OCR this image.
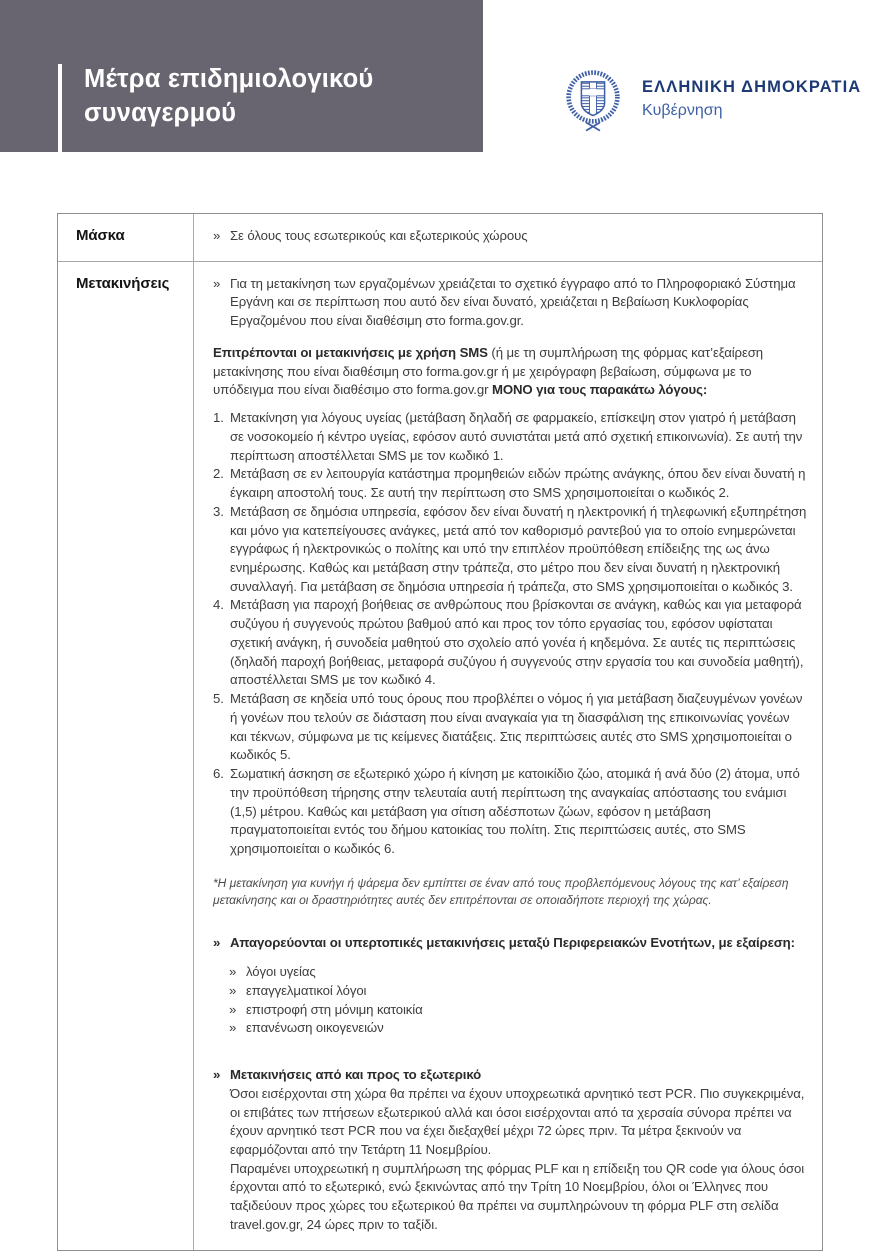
Μέτρα επιδημιολογικού
συναγερμού
ΕΛΛΗΝΙΚΗ ΔΗΜΟΚΡΑΤΙΑ
Κυβέρνηση
Μάσκα	» Σε όλους τους εσωτερικούς και εξωτερικούς χώρους
Μετακινήσεις	» Για τη μετακίνηση των εργαζομένων χρειάζεται το σχετικό έγγραφο από το Πληροφοριακό Σύστημα Εργάνη και σε περίπτωση που αυτό δεν είναι δυνατό, χρειάζεται η Βεβαίωση Κυκλοφορίας Εργαζομένου που είναι διαθέσιμη στο forma.gov.gr.
Επιτρέπονται οι μετακινήσεις με χρήση SMS (ή με τη συμπλήρωση της φόρμας κατ’εξαίρεση μετακίνησης που είναι διαθέσιμη στο forma.gov.gr ή με χειρόγραφη βεβαίωση, σύμφωνα με το υπόδειγμα που είναι διαθέσιμο στο forma.gov.gr ΜΟΝΟ για τους παρακάτω λόγους:
1. Μετακίνηση για λόγους υγείας (μετάβαση δηλαδή σε φαρμακείο, επίσκεψη στον γιατρό ή μετάβαση σε νοσοκομείο ή κέντρο υγείας, εφόσον αυτό συνιστάται μετά από σχετική επικοινωνία). Σε αυτή την περίπτωση αποστέλλεται SMS με τον κωδικό 1.
2. Μετάβαση σε εν λειτουργία κατάστημα προμηθειών ειδών πρώτης ανάγκης, όπου δεν είναι δυνατή η έγκαιρη αποστολή τους. Σε αυτή την περίπτωση στο SMS χρησιμοποιείται ο κωδικός 2.
3. Μετάβαση σε δημόσια υπηρεσία, εφόσον δεν είναι δυνατή η ηλεκτρονική ή τηλεφωνική εξυπηρέτηση και μόνο για κατεπείγουσες ανάγκες, μετά από τον καθορισμό ραντεβού για το οποίο ενημερώνεται εγγράφως ή ηλεκτρονικώς ο πολίτης και υπό την επιπλέον προϋπόθεση επίδειξης της ως άνω ενημέρωσης. Καθώς και μετάβαση στην τράπεζα, στο μέτρο που δεν είναι δυνατή η ηλεκτρονική συναλλαγή. Για μετάβαση σε δημόσια υπηρεσία ή τράπεζα, στο SMS χρησιμοποιείται ο κωδικός 3.
4. Μετάβαση για παροχή βοήθειας σε ανθρώπους που βρίσκονται σε ανάγκη, καθώς και για μεταφορά συζύγου ή συγγενούς πρώτου βαθμού από και προς τον τόπο εργασίας του, εφόσον υφίσταται σχετική ανάγκη, ή συνοδεία μαθητού στο σχολείο από γονέα ή κηδεμόνα. Σε αυτές τις περιπτώσεις (δηλαδή παροχή βοήθειας, μεταφορά συζύγου ή συγγενούς στην εργασία του και συνοδεία μαθητή), αποστέλλεται SMS με τον κωδικό 4.
5. Μετάβαση σε κηδεία υπό τους όρους που προβλέπει ο νόμος ή για μετάβαση διαζευγμένων γονέων ή γονέων που τελούν σε διάσταση που είναι αναγκαία για τη διασφάλιση της επικοινωνίας γονέων και τέκνων, σύμφωνα με τις κείμενες διατάξεις. Στις περιπτώσεις αυτές στο SMS χρησιμοποιείται ο κωδικός 5.
6. Σωματική άσκηση σε εξωτερικό χώρο ή κίνηση με κατοικίδιο ζώο, ατομικά ή ανά δύο (2) άτομα, υπό την προϋπόθεση τήρησης στην τελευταία αυτή περίπτωση της αναγκαίας απόστασης του ενάμισι (1,5) μέτρου. Καθώς και μετάβαση για σίτιση αδέσποτων ζώων, εφόσον η μετάβαση πραγματοποιείται εντός του δήμου κατοικίας του πολίτη. Στις περιπτώσεις αυτές, στο SMS χρησιμοποιείται ο κωδικός 6.
*Η μετακίνηση για κυνήγι ή ψάρεμα δεν εμπίπτει σε έναν από τους προβλεπόμενους λόγους της κατ’ εξαίρεση μετακίνησης και οι δραστηριότητες αυτές δεν επιτρέπονται σε οποιαδήποτε περιοχή της χώρας.
» Απαγορεύονται οι υπερτοπικές μετακινήσεις μεταξύ Περιφερειακών Ενοτήτων, με εξαίρεση:
» λόγοι υγείας
» επαγγελματικοί λόγοι
» επιστροφή στη μόνιμη κατοικία
» επανένωση οικογενειών
» Μετακινήσεις από και προς το εξωτερικό

Όσοι εισέρχονται στη χώρα θα πρέπει να έχουν υποχρεωτικά αρνητικό τεστ PCR. Πιο συγκεκριμένα, οι επιβάτες των πτήσεων εξωτερικού αλλά και όσοι εισέρχονται από τα χερσαία σύνορα πρέπει να έχουν αρνητικό τεστ PCR που να έχει διεξαχθεί μέχρι 72 ώρες πριν. Τα μέτρα ξεκινούν να εφαρμόζονται από την Τετάρτη 11 Νοεμβρίου.

Παραμένει υποχρεωτική η συμπλήρωση της φόρμας PLF και η επίδειξη του QR code για όλους όσοι έρχονται από το εξωτερικό, ενώ ξεκινώντας από την Τρίτη 10 Νοεμβρίου, όλοι οι Έλληνες που ταξιδεύουν προς χώρες του εξωτερικού θα πρέπει να συμπληρώνουν τη φόρμα PLF στη σελίδα travel.gov.gr, 24 ώρες πριν το ταξίδι.
